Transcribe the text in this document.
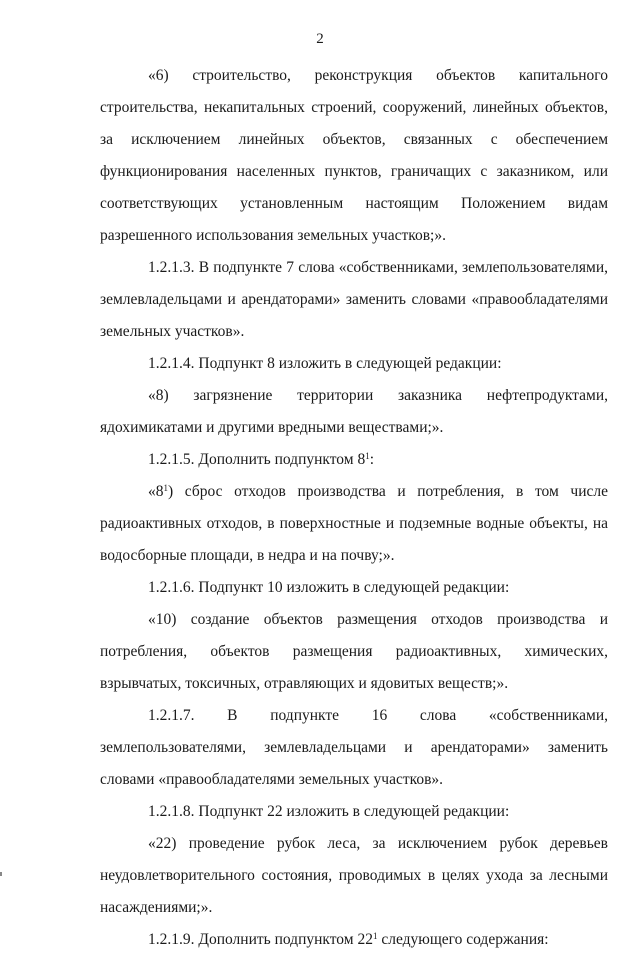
2

«6) строительство, реконструкция объектов капитального строительства, некапитальных строений, сооружений, линейных объектов, за исключением линейных объектов, связанных с обеспечением функционирования населенных пунктов, граничащих с заказником, или соответствующих установленным настоящим Положением видам разрешенного использования земельных участков;».

1.2.1.3. В подпункте 7 слова «собственниками, землепользователями, землевладельцами и арендаторами» заменить словами «правообладателями земельных участков».

1.2.1.4. Подпункт 8 изложить в следующей редакции:

«8) загрязнение территории заказника нефтепродуктами, ядохимикатами и другими вредными веществами;».

1.2.1.5. Дополнить подпунктом $8^1$:

«$8^1$) сброс отходов производства и потребления, в том числе радиоактивных отходов, в поверхностные и подземные водные объекты, на водосборные площади, в недра и на почву;».

1.2.1.6. Подпункт 10 изложить в следующей редакции:

«10) создание объектов размещения отходов производства и потребления, объектов размещения радиоактивных, химических, взрывчатых, токсичных, отравляющих и ядовитых веществ;».

1.2.1.7. В подпункте 16 слова «собственниками, землепользователями, землевладельцами и арендаторами» заменить словами «правообладателями земельных участков».

1.2.1.8. Подпункт 22 изложить в следующей редакции:

«22) проведение рубок леса, за исключением рубок деревьев неудовлетворительного состояния, проводимых в целях ухода за лесными насаждениями;».

1.2.1.9. Дополнить подпунктом $22^1$ следующего содержания:
